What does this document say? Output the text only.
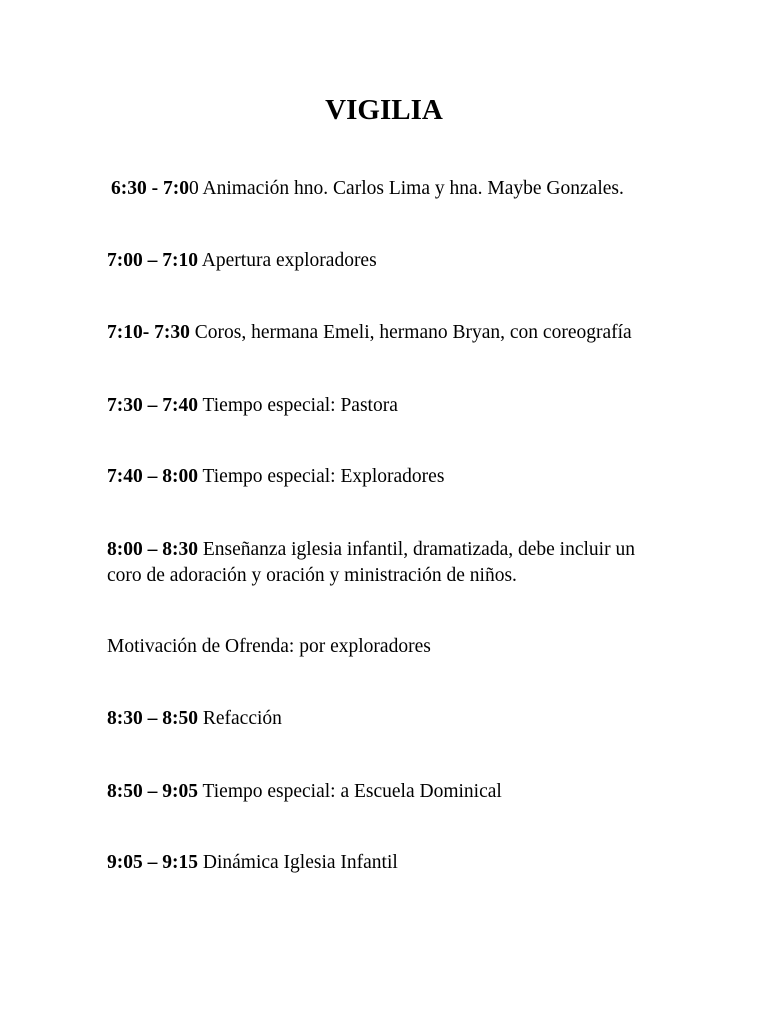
VIGILIA

6:30 - 7:00 Animación hno. Carlos Lima y hna. Maybe Gonzales.

7:00 – 7:10 Apertura exploradores

7:10- 7:30 Coros, hermana Emeli, hermano Bryan, con coreografía

7:30 – 7:40 Tiempo especial: Pastora

7:40 – 8:00 Tiempo especial: Exploradores

8:00 – 8:30 Enseñanza iglesia infantil, dramatizada, debe incluir un coro de adoración y oración y ministración de niños.

Motivación de Ofrenda: por exploradores

8:30 – 8:50 Refacción

8:50 – 9:05 Tiempo especial: a Escuela Dominical

9:05 – 9:15 Dinámica Iglesia Infantil
